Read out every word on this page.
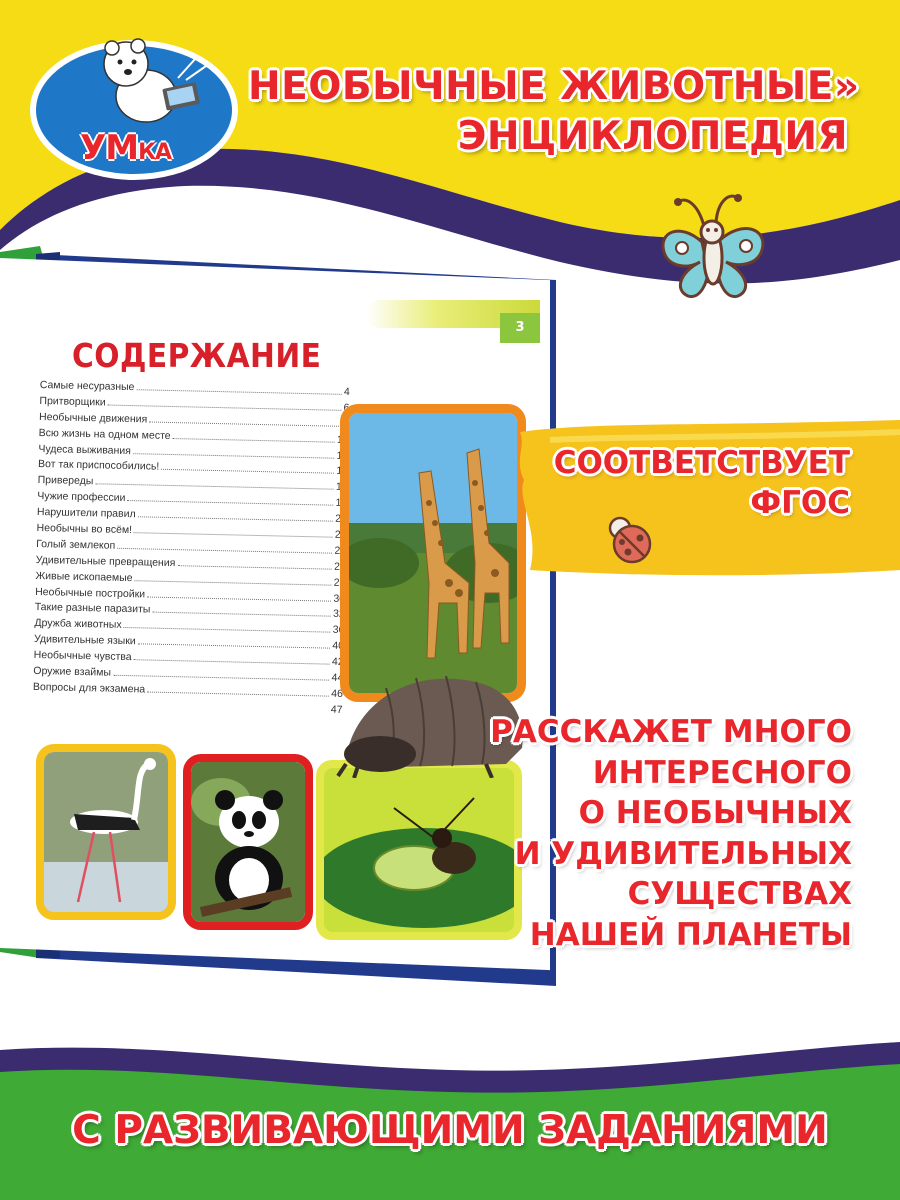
УМКА
НЕОБЫЧНЫЕ ЖИВОТНЫЕ»
ЭНЦИКЛОПЕДИЯ
3
СОДЕРЖАНИЕ
Самые несуразные	4
Притворщики	6
Необычные движения	8
Всю жизнь на одном месте	10
Чудеса выживания	12
Вот так приспособились!	14
Привереды	16
Чужие профессии	18
Нарушители правил	20
Необычны во всём!	22
Голый землекоп	24
Удивительные превращения	26
Живые ископаемые	28
Необычные постройки	30
Такие разные паразиты	32
Дружба животных	36
Удивительные языки	40
Необычные чувства	42
Оружие взаймы	44
Вопросы для экзамена	46
47
СООТВЕТСТВУЕТ
ФГОС
РАССКАЖЕТ МНОГО
ИНТЕРЕСНОГО
О НЕОБЫЧНЫХ
И УДИВИТЕЛЬНЫХ
СУЩЕСТВАХ
НАШЕЙ ПЛАНЕТЫ
С РАЗВИВАЮЩИМИ ЗАДАНИЯМИ
